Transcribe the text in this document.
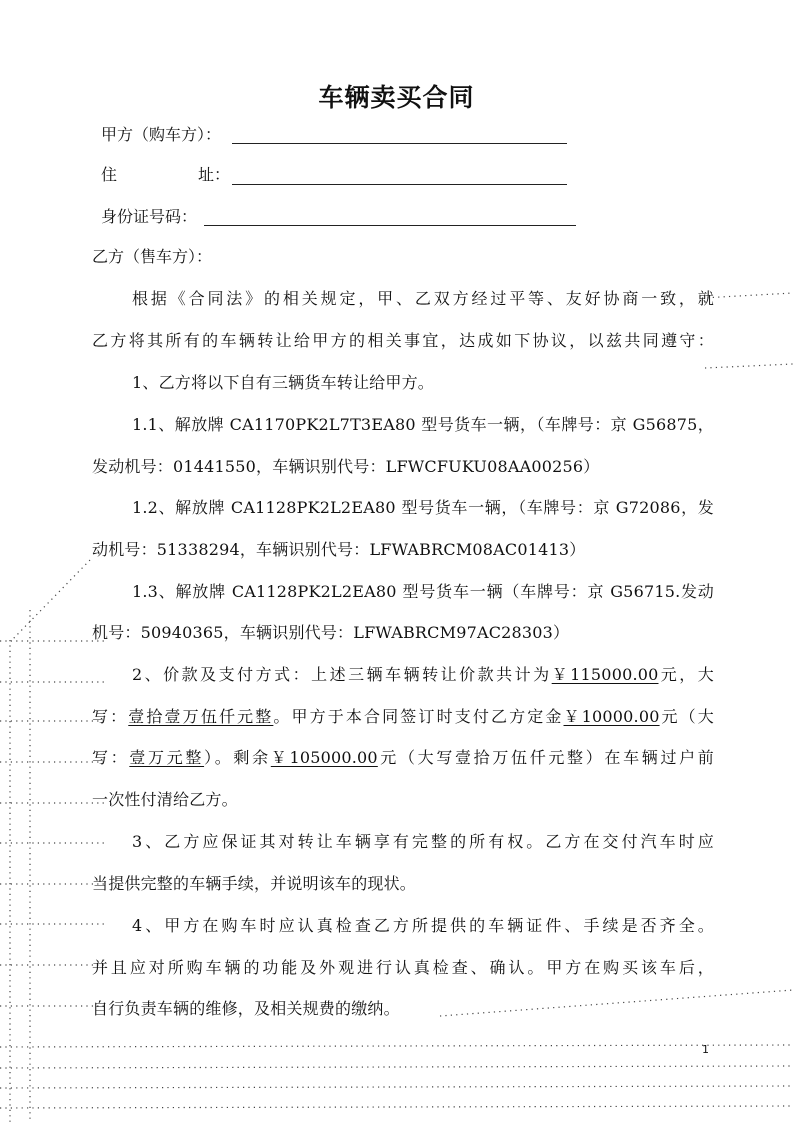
车辆卖买合同
甲方（购车方）：
住	址：
身份证号码：
乙方（售车方）：
根据《合同法》的相关规定，甲、乙双方经过平等、友好协商一致，就
乙方将其所有的车辆转让给甲方的相关事宜，达成如下协议，以兹共同遵守：
1、乙方将以下自有三辆货车转让给甲方。
1.1、解放牌 CA1170PK2L7T3EA80 型号货车一辆，（车牌号：京 G56875，
发动机号：01441550，车辆识别代号：LFWCFUKU08AA00256）
1.2、解放牌 CA1128PK2L2EA80 型号货车一辆，（车牌号：京 G72086，发
动机号：51338294，车辆识别代号：LFWABRCM08AC01413）
1.3、解放牌 CA1128PK2L2EA80 型号货车一辆（车牌号：京 G56715.发动
机号：50940365，车辆识别代号：LFWABRCM97AC28303）
2、价款及支付方式：上述三辆车辆转让价款共计为￥115000.00元，大
写：壹拾壹万伍仟元整。甲方于本合同签订时支付乙方定金￥10000.00元（大
写：壹万元整）。剩余￥105000.00元（大写壹拾万伍仟元整）在车辆过户前
一次性付清给乙方。
3、乙方应保证其对转让车辆享有完整的所有权。乙方在交付汽车时应
当提供完整的车辆手续，并说明该车的现状。
4、甲方在购车时应认真检查乙方所提供的车辆证件、手续是否齐全。
并且应对所购车辆的功能及外观进行认真检查、确认。甲方在购买该车后，
自行负责车辆的维修，及相关规费的缴纳。
1
